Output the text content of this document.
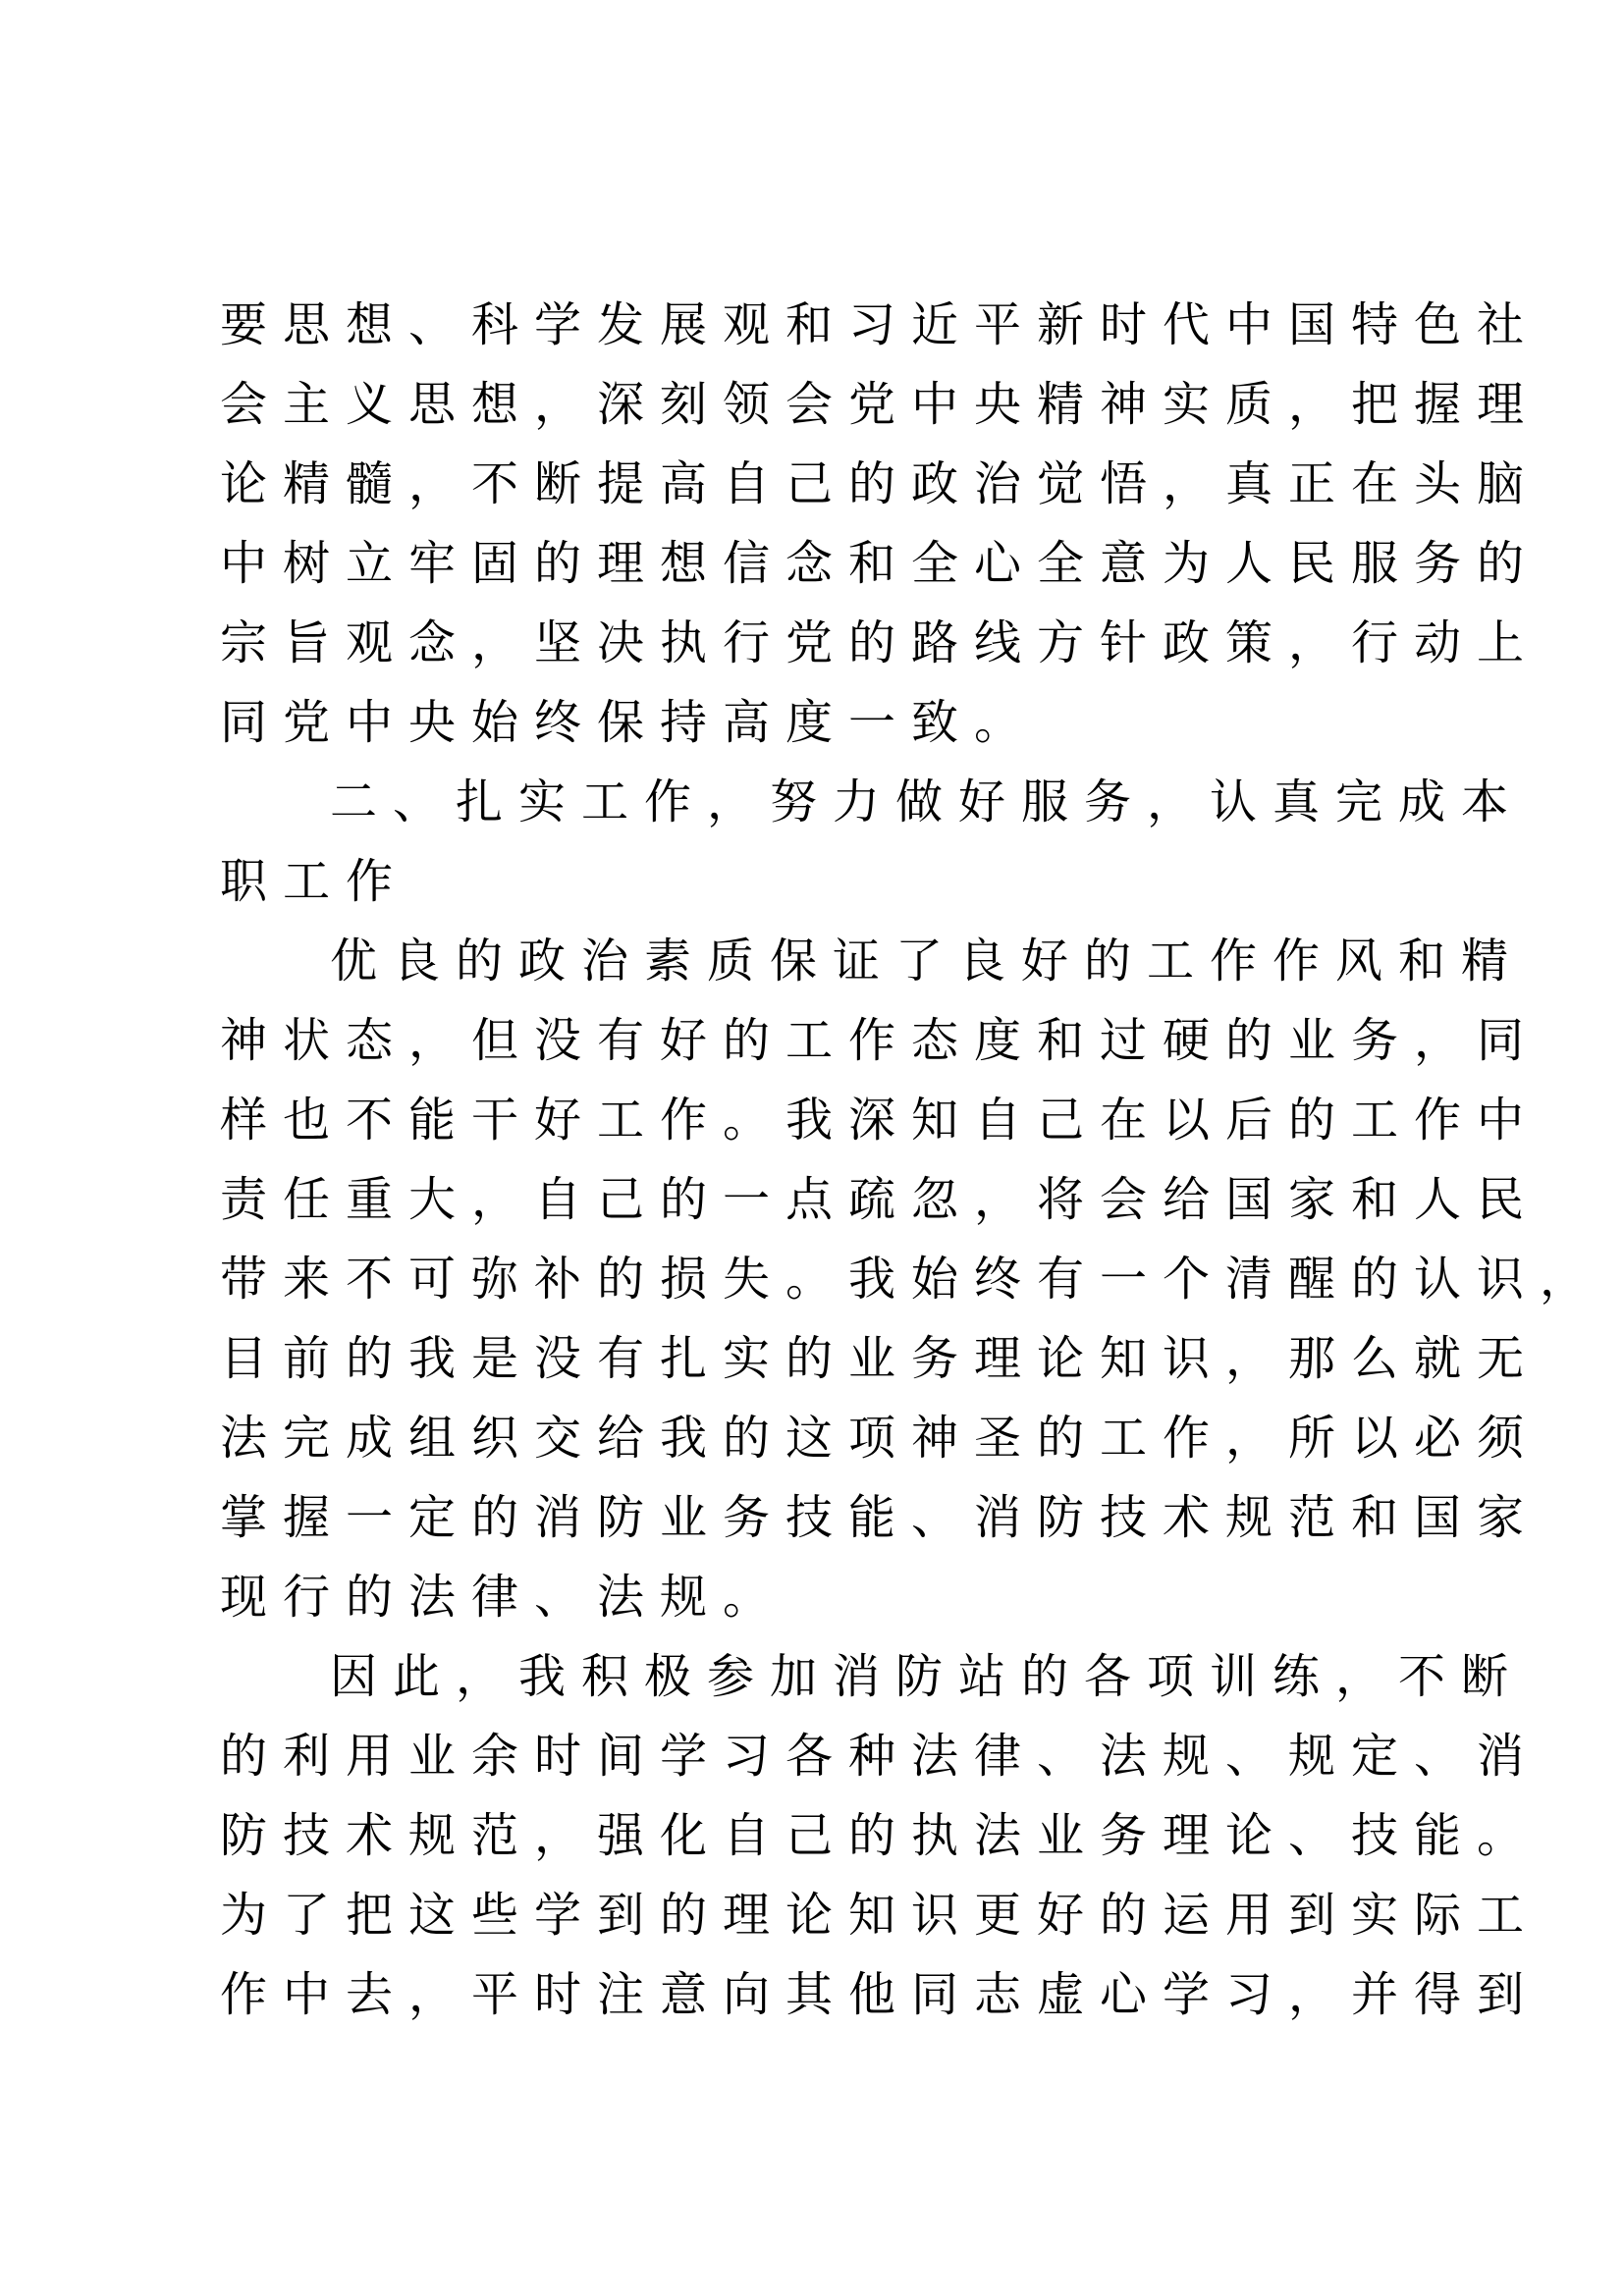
要思想、科学发展观和习近平新时代中国特色社
会主义思想，深刻领会党中央精神实质，把握理
论精髓，不断提高自己的政治觉悟，真正在头脑
中树立牢固的理想信念和全心全意为人民服务的
宗旨观念，坚决执行党的路线方针政策，行动上
同党中央始终保持高度一致。
二、扎实工作，努力做好服务，认真完成本
职工作
优良的政治素质保证了良好的工作作风和精
神状态，但没有好的工作态度和过硬的业务，同
样也不能干好工作。我深知自己在以后的工作中
责任重大，自己的一点疏忽，将会给国家和人民
带来不可弥补的损失。我始终有一个清醒的认识，
目前的我是没有扎实的业务理论知识，那么就无
法完成组织交给我的这项神圣的工作，所以必须
掌握一定的消防业务技能、消防技术规范和国家
现行的法律、法规。
因此，我积极参加消防站的各项训练，不断
的利用业余时间学习各种法律、法规、规定、消
防技术规范，强化自己的执法业务理论、技能。
为了把这些学到的理论知识更好的运用到实际工
作中去，平时注意向其他同志虚心学习，并得到
